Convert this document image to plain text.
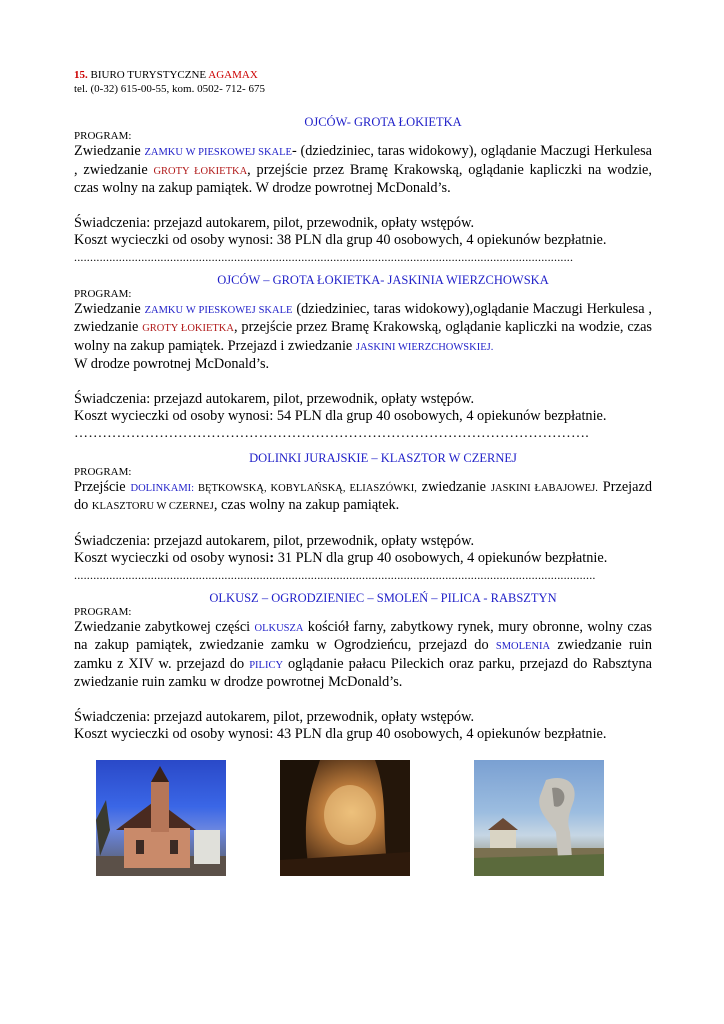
15. BIURO TURYSTYCZNE AGAMAX
tel. (0-32) 615-00-55, kom. 0502- 712- 675
OJCÓW- GROTA ŁOKIETKA
PROGRAM:
Zwiedzanie ZAMKU W PIESKOWEJ SKALE- (dziedziniec, taras widokowy), oglądanie Maczugi Herkulesa , zwiedzanie GROTY ŁOKIETKA, przejście przez Bramę Krakowską, oglądanie kapliczki na wodzie, czas wolny na zakup pamiątek. W drodze powrotnej McDonald’s.
Świadczenia: przejazd autokarem, pilot, przewodnik, opłaty wstępów.
Koszt wycieczki od osoby wynosi: 38 PLN dla grup 40 osobowych, 4 opiekunów bezpłatnie.
............................................................................................................................................................
OJCÓW – GROTA ŁOKIETKA- JASKINIA WIERZCHOWSKA
PROGRAM:
Zwiedzanie ZAMKU W PIESKOWEJ SKALE (dziedziniec, taras widokowy),oglądanie Maczugi Herkulesa , zwiedzanie GROTY ŁOKIETKA, przejście przez Bramę Krakowską, oglądanie kapliczki na wodzie, czas wolny na zakup pamiątek. Przejazd i zwiedzanie JASKINI WIERZCHOWSKIEJ.
W drodze powrotnej McDonald’s.
Świadczenia: przejazd autokarem, pilot, przewodnik, opłaty wstępów.
Koszt wycieczki od osoby wynosi: 54 PLN dla grup 40 osobowych, 4 opiekunów bezpłatnie.
……………………………………………………………………………………………….
DOLINKI JURAJSKIE – KLASZTOR W CZERNEJ
PROGRAM:
Przejście DOLINKAMI: BĘTKOWSKĄ, KOBYLAŃSKĄ, ELIASZÓWKI, zwiedzanie JASKINI ŁABAJOWEJ. Przejazd do KLASZTORU W CZERNEJ, czas wolny na zakup pamiątek.
Świadczenia: przejazd autokarem, pilot, przewodnik, opłaty wstępów.
Koszt wycieczki od osoby wynosi: 31 PLN dla grup 40 osobowych, 4 opiekunów bezpłatnie.
...................................................................................................................................................................
OLKUSZ – OGRODZIENIEC – SMOLEŃ – PILICA - RABSZTYN
PROGRAM:
Zwiedzanie zabytkowej części OLKUSZA kościół farny, zabytkowy rynek, mury obronne, wolny czas na zakup pamiątek, zwiedzanie zamku w Ogrodzieńcu, przejazd do SMOLENIA zwiedzanie ruin zamku z XIV w. przejazd do PILICY oglądanie pałacu Pileckich oraz parku, przejazd do Rabsztyna zwiedzanie ruin zamku w drodze powrotnej McDonald’s.
Świadczenia: przejazd autokarem, pilot, przewodnik, opłaty wstępów.
Koszt wycieczki od osoby wynosi: 43 PLN dla grup 40 osobowych, 4 opiekunów bezpłatnie.
